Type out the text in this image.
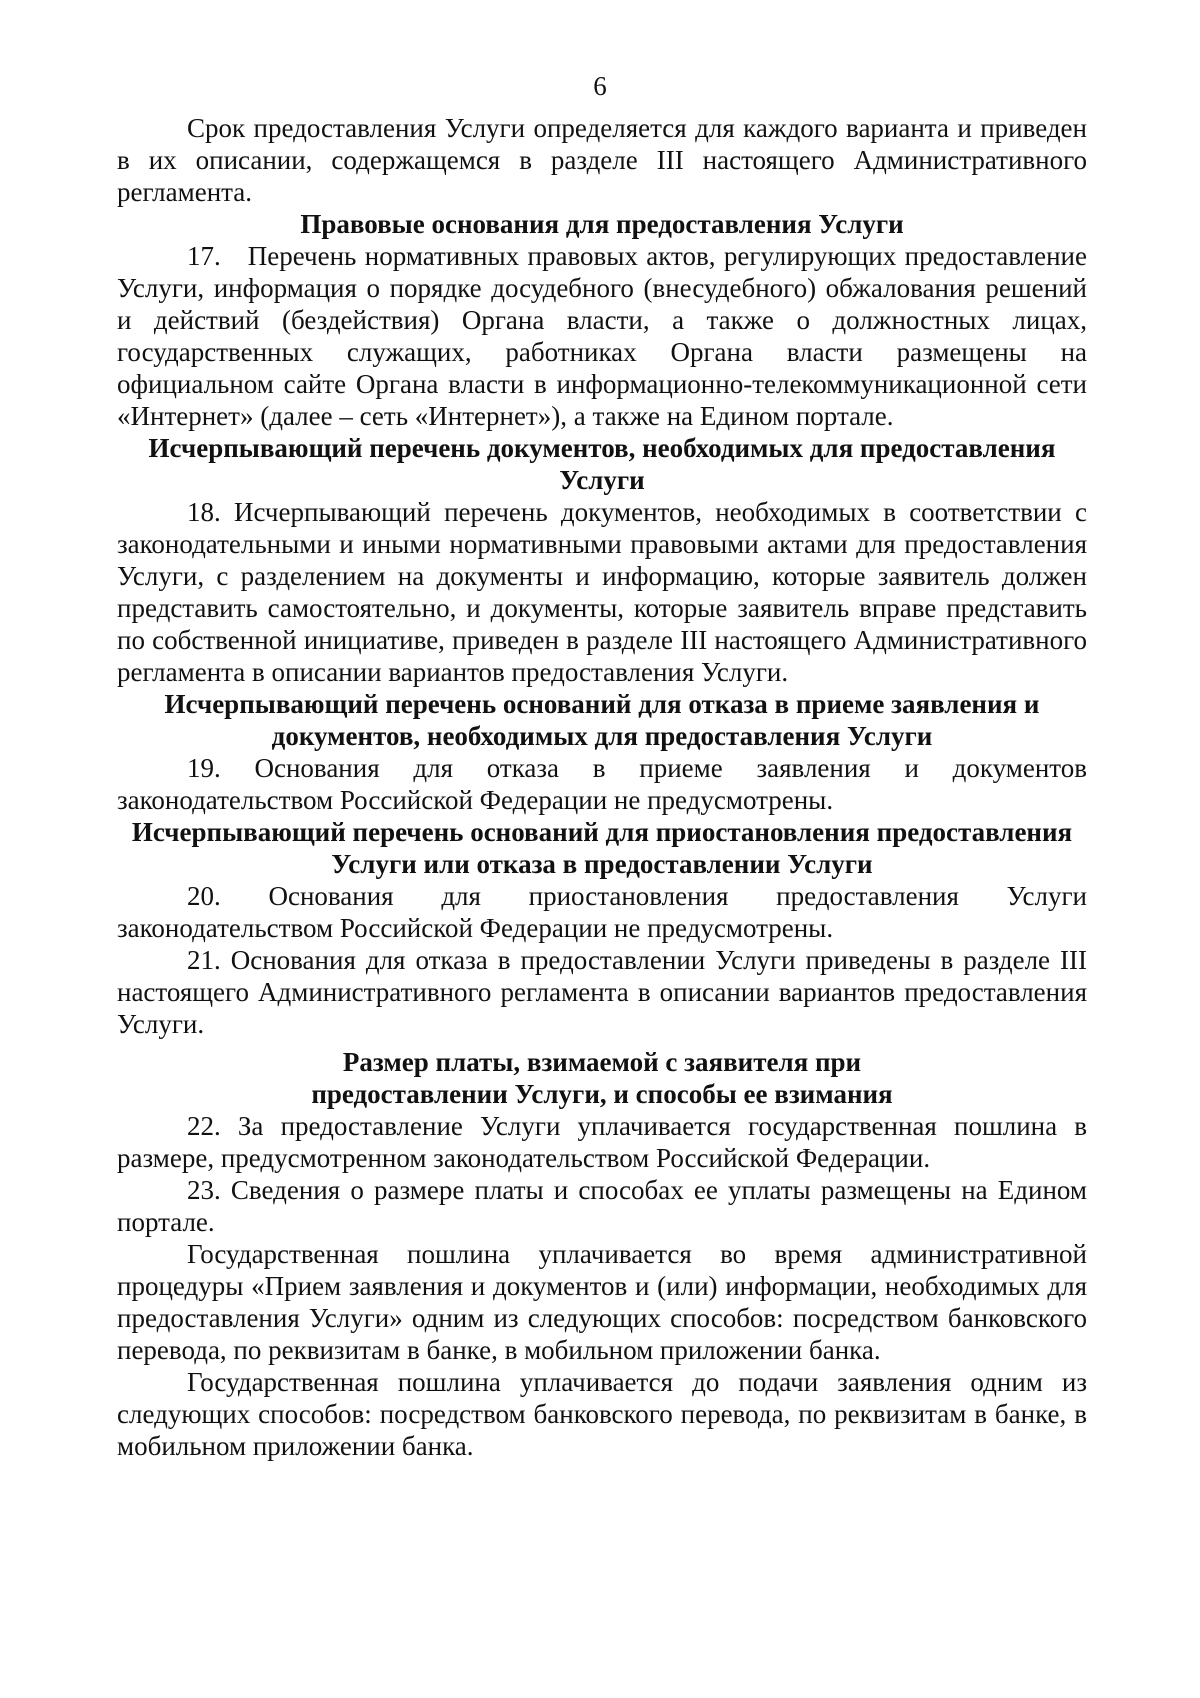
6

Срок предоставления Услуги определяется для каждого варианта и приведен в их описании, содержащемся в разделе III настоящего Административного регламента.

Правовые основания для предоставления Услуги

17. Перечень нормативных правовых актов, регулирующих предоставление Услуги, информация о порядке досудебного (внесудебного) обжалования решений и действий (бездействия) Органа власти, а также о должностных лицах, государственных служащих, работниках Органа власти размещены на официальном сайте Органа власти в информационно-телекоммуникационной сети «Интернет» (далее – сеть «Интернет»), а также на Едином портале.

Исчерпывающий перечень документов, необходимых для предоставления Услуги

18. Исчерпывающий перечень документов, необходимых в соответствии с законодательными и иными нормативными правовыми актами для предоставления Услуги, с разделением на документы и информацию, которые заявитель должен представить самостоятельно, и документы, которые заявитель вправе представить по собственной инициативе, приведен в разделе III настоящего Административного регламента в описании вариантов предоставления Услуги.

Исчерпывающий перечень оснований для отказа в приеме заявления и документов, необходимых для предоставления Услуги

19. Основания для отказа в приеме заявления и документов законодательством Российской Федерации не предусмотрены.

Исчерпывающий перечень оснований для приостановления предоставления Услуги или отказа в предоставлении Услуги

20. Основания для приостановления предоставления Услуги законодательством Российской Федерации не предусмотрены.

21. Основания для отказа в предоставлении Услуги приведены в разделе III настоящего Административного регламента в описании вариантов предоставления Услуги.

Размер платы, взимаемой с заявителя при предоставлении Услуги, и способы ее взимания

22. За предоставление Услуги уплачивается государственная пошлина в размере, предусмотренном законодательством Российской Федерации.

23. Сведения о размере платы и способах ее уплаты размещены на Едином портале.

Государственная пошлина уплачивается во время административной процедуры «Прием заявления и документов и (или) информации, необходимых для предоставления Услуги» одним из следующих способов: посредством банковского перевода, по реквизитам в банке, в мобильном приложении банка.

Государственная пошлина уплачивается до подачи заявления одним из следующих способов: посредством банковского перевода, по реквизитам в банке, в мобильном приложении банка.
